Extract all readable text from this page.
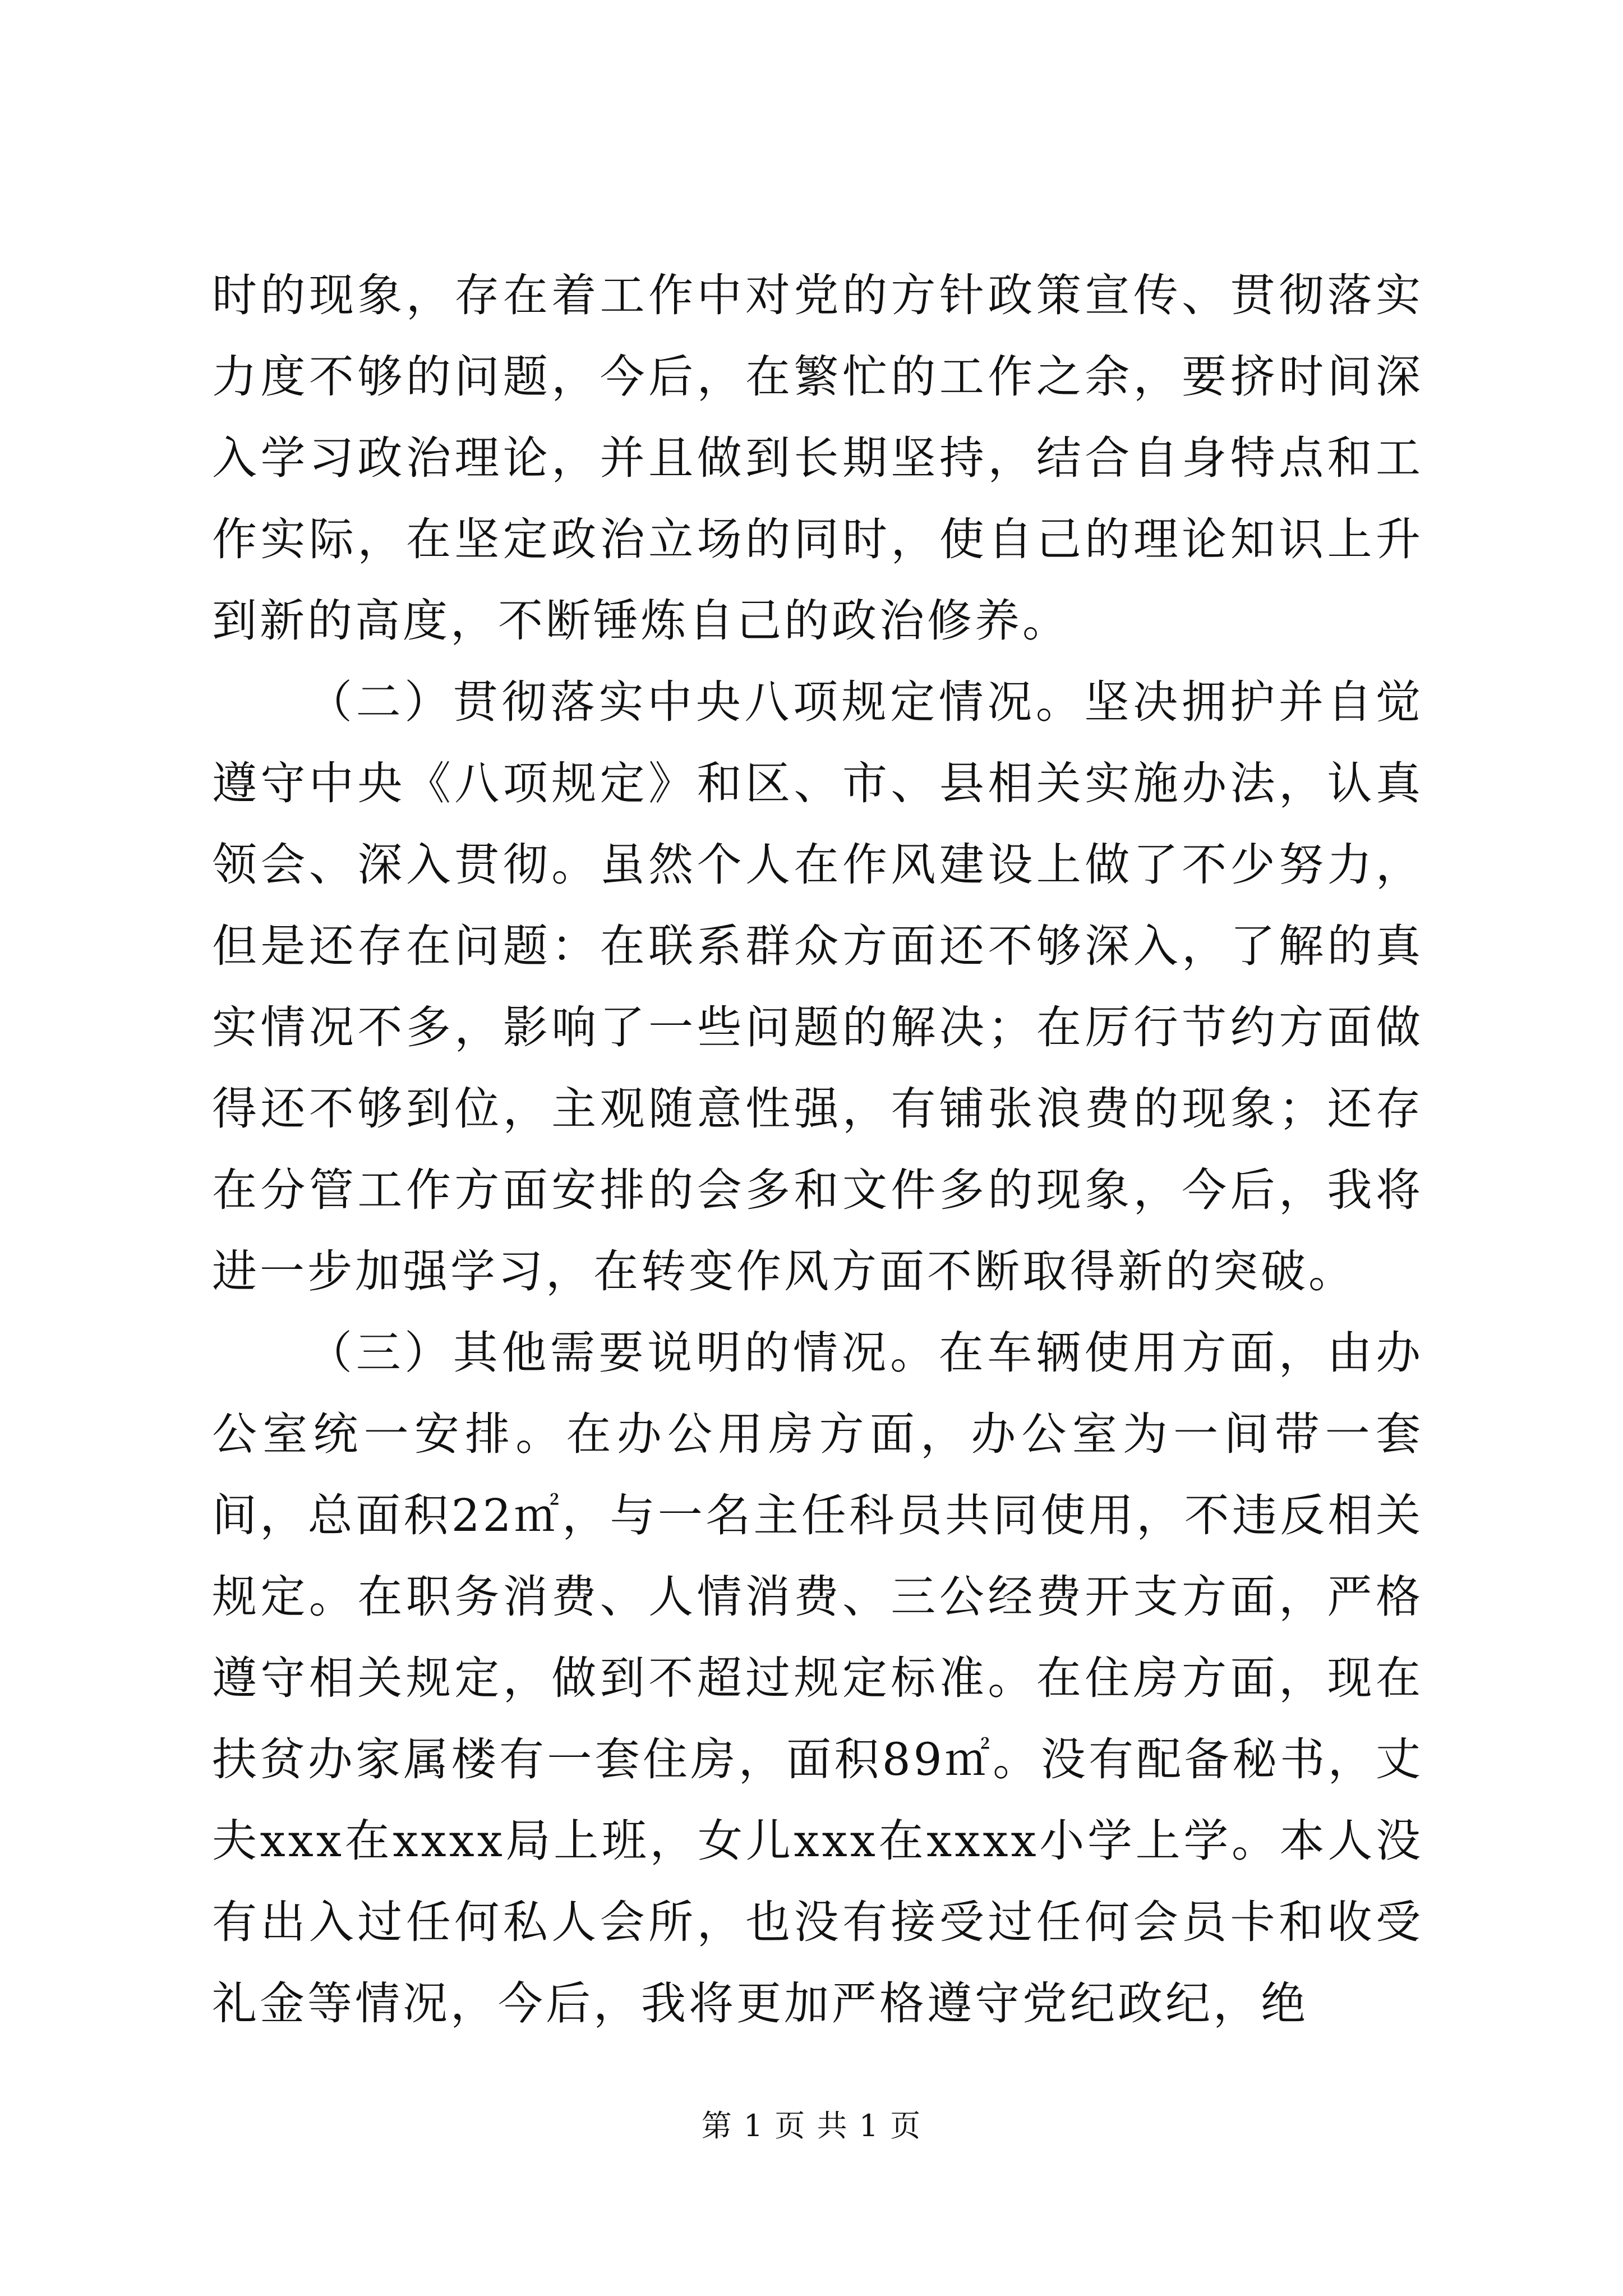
时的现象，存在着工作中对党的方针政策宣传、贯彻落实力度不够的问题，今后，在繁忙的工作之余，要挤时间深入学习政治理论，并且做到长期坚持，结合自身特点和工作实际，在坚定政治立场的同时，使自己的理论知识上升到新的高度，不断锤炼自己的政治修养。

（二）贯彻落实中央八项规定情况。坚决拥护并自觉遵守中央《八项规定》和区、市、县相关实施办法，认真领会、深入贯彻。虽然个人在作风建设上做了不少努力，但是还存在问题：在联系群众方面还不够深入，了解的真实情况不多，影响了一些问题的解决；在厉行节约方面做得还不够到位，主观随意性强，有铺张浪费的现象；还存在分管工作方面安排的会多和文件多的现象，今后，我将进一步加强学习，在转变作风方面不断取得新的突破。

（三）其他需要说明的情况。在车辆使用方面，由办公室统一安排。在办公用房方面，办公室为一间带一套间，总面积22㎡，与一名主任科员共同使用，不违反相关规定。在职务消费、人情消费、三公经费开支方面，严格遵守相关规定，做到不超过规定标准。在住房方面，现在扶贫办家属楼有一套住房，面积89㎡。没有配备秘书，丈夫xxx在xxxx局上班，女儿xxx在xxxx小学上学。本人没有出入过任何私人会所，也没有接受过任何会员卡和收受礼金等情况，今后，我将更加严格遵守党纪政纪，绝

第 1 页 共 1 页
